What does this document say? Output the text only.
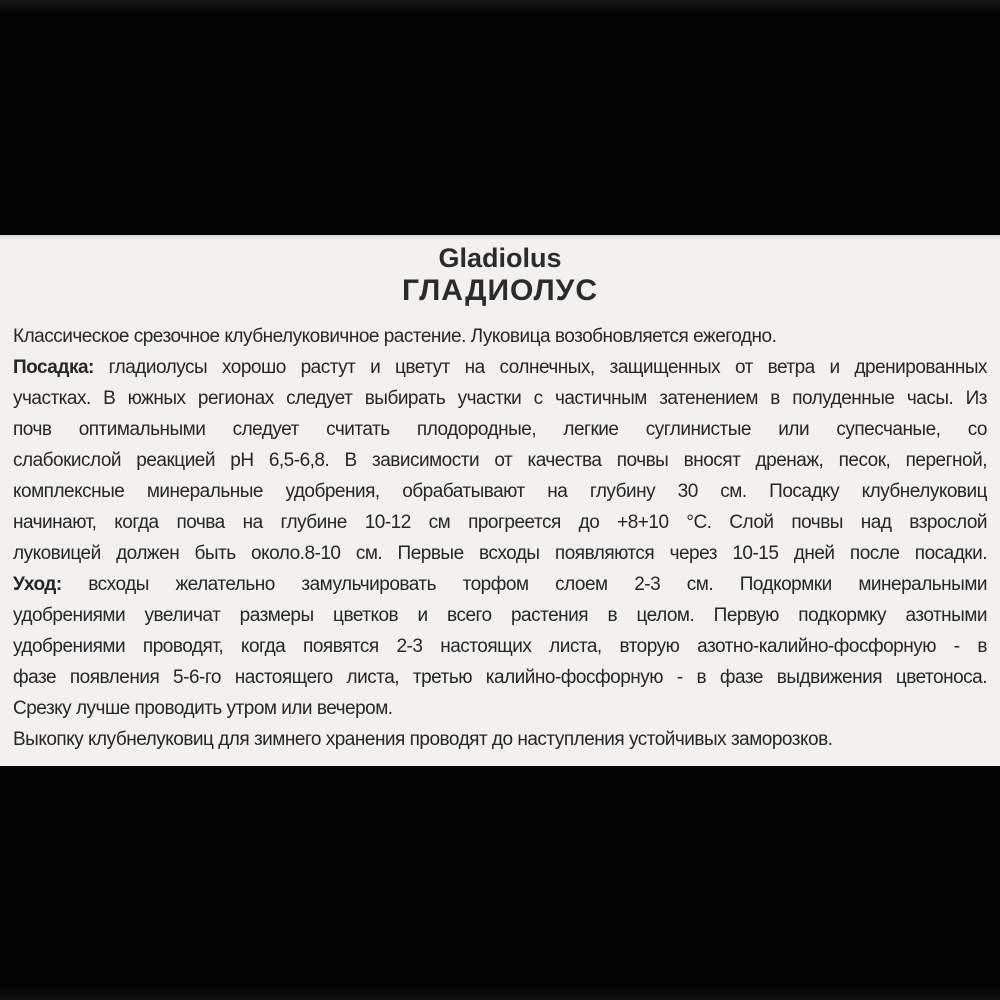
Gladiolus
ГЛАДИОЛУС
Классическое срезочное клубнелуковичное растение. Луковица возобновляется ежегодно.
Посадка: гладиолусы хорошо растут и цветут на солнечных, защищенных от ветра и дренированных
участках. В южных регионах следует выбирать участки с частичным затенением в полуденные часы. Из
почв оптимальными следует считать плодородные, легкие суглинистые или супесчаные, со
слабокислой реакцией pH 6,5-6,8. В зависимости от качества почвы вносят дренаж, песок, перегной,
комплексные минеральные удобрения, обрабатывают на глубину 30 см. Посадку клубнелуковиц
начинают, когда почва на глубине 10-12 см прогреется до +8+10 °С. Слой почвы над взрослой
луковицей должен быть около.8-10 см. Первые всходы появляются через 10-15 дней после посадки.
Уход: всходы желательно замульчировать торфом слоем 2-3 см. Подкормки минеральными
удобрениями увеличат размеры цветков и всего растения в целом. Первую подкормку азотными
удобрениями проводят, когда появятся 2-3 настоящих листа, вторую азотно-калийно-фосфорную - в
фазе появления 5-6-го настоящего листа, третью калийно-фосфорную - в фазе выдвижения цветоноса.
Срезку лучше проводить утром или вечером.
Выкопку клубнелуковиц для зимнего хранения проводят до наступления устойчивых заморозков.
